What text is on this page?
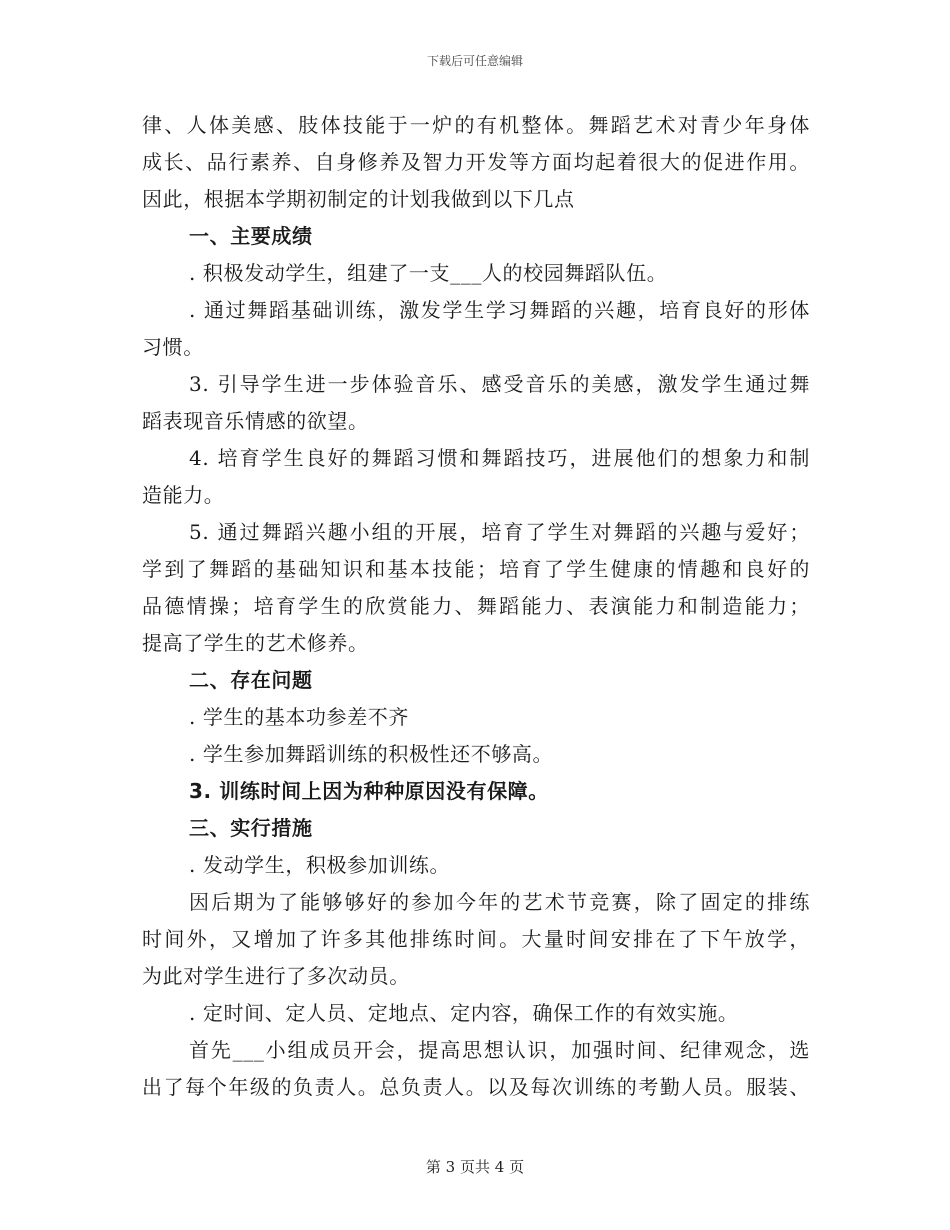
下载后可任意编辑
律、人体美感、肢体技能于一炉的有机整体。舞蹈艺术对青少年身体
成长、品行素养、自身修养及智力开发等方面均起着很大的促进作用。
因此，根据本学期初制定的计划我做到以下几点
一、主要成绩
. 积极发动学生，组建了一支___人的校园舞蹈队伍。
. 通过舞蹈基础训练，激发学生学习舞蹈的兴趣，培育良好的形体
习惯。
3. 引导学生进一步体验音乐、感受音乐的美感，激发学生通过舞
蹈表现音乐情感的欲望。
4. 培育学生良好的舞蹈习惯和舞蹈技巧，进展他们的想象力和制
造能力。
5. 通过舞蹈兴趣小组的开展，培育了学生对舞蹈的兴趣与爱好；
学到了舞蹈的基础知识和基本技能；培育了学生健康的情趣和良好的
品德情操；培育学生的欣赏能力、舞蹈能力、表演能力和制造能力；
提高了学生的艺术修养。
二、存在问题
. 学生的基本功参差不齐
. 学生参加舞蹈训练的积极性还不够高。
3. 训练时间上因为种种原因没有保障。
三、实行措施
. 发动学生，积极参加训练。
因后期为了能够够好的参加今年的艺术节竞赛，除了固定的排练
时间外，又增加了许多其他排练时间。大量时间安排在了下午放学，
为此对学生进行了多次动员。
. 定时间、定人员、定地点、定内容，确保工作的有效实施。
首先___小组成员开会，提高思想认识，加强时间、纪律观念，选
出了每个年级的负责人。总负责人。以及每次训练的考勤人员。服装、
第 3 页共 4 页
